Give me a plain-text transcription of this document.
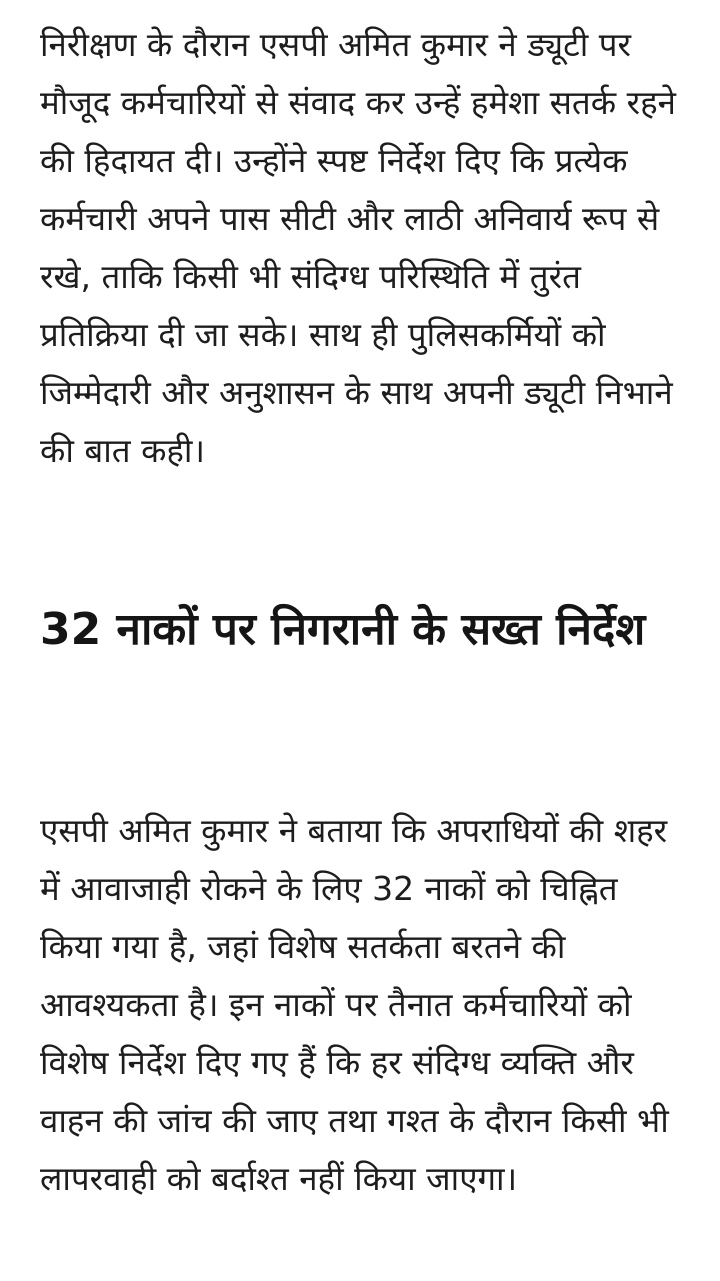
निरीक्षण के दौरान एसपी अमित कुमार ने ड्यूटी पर मौजूद कर्मचारियों से संवाद कर उन्हें हमेशा सतर्क रहने की हिदायत दी। उन्होंने स्पष्ट निर्देश दिए कि प्रत्येक कर्मचारी अपने पास सीटी और लाठी अनिवार्य रूप से रखे, ताकि किसी भी संदिग्ध परिस्थिति में तुरंत प्रतिक्रिया दी जा सके। साथ ही पुलिसकर्मियों को जिम्मेदारी और अनुशासन के साथ अपनी ड्यूटी निभाने की बात कही।

32 नाकों पर निगरानी के सख्त निर्देश

एसपी अमित कुमार ने बताया कि अपराधियों की शहर में आवाजाही रोकने के लिए 32 नाकों को चिह्नित किया गया है, जहां विशेष सतर्कता बरतने की आवश्यकता है। इन नाकों पर तैनात कर्मचारियों को विशेष निर्देश दिए गए हैं कि हर संदिग्ध व्यक्ति और वाहन की जांच की जाए तथा गश्त के दौरान किसी भी लापरवाही को बर्दाश्त नहीं किया जाएगा।
